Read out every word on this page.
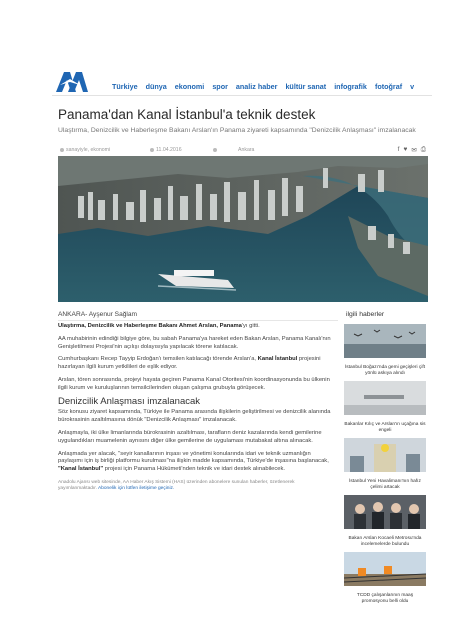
Türkiye dünya ekonomi spor analiz haber kültür sanat infografik fotoğraf v
Panama'dan Kanal İstanbul'a teknik destek
Ulaştırma, Denizcilik ve Haberleşme Bakanı Arslan'ın Panama ziyareti kapsamında "Denizcilik Anlaşması" imzalanacak
sanayiyle, ekonomi	11.04.2016	Ankara	f ♥ ✉ ⎙
ANKARA- Ayşenur Sağlam	ilgili haberler

Ulaştırma, Denizcilik ve Haberleşme Bakanı Ahmet Arslan, Panama'yı gitti.

AA muhabirinin edindiği bilgiye göre, bu sabah Panama'ya hareket eden Bakan Arslan, Panama Kanalı'nın Genişletilmesi Projesi'nin açılışı dolayısıyla yapılacak törene katılacak.

Cumhurbaşkanı Recep Tayyip Erdoğan'ı temsilen katılacağı törende Arslan'a, Kanal İstanbul projesini hazırlayan ilgili kurum yetkilileri de eşlik ediyor.

Arslan, tören sonrasında, projeyi hayata geçiren Panama Kanal Otoritesi'nin koordinasyonunda bu ülkenin ilgili kurum ve kuruluşlarının temsilcilerinden oluşan çalışma grubuyla görüşecek.

Denizcilik Anlaşması imzalanacak

Söz konusu ziyaret kapsamında, Türkiye ile Panama arasında ilişkilerin geliştirilmesi ve denizcilik alanında bürokrasinin azaltılmasına dönük "Denizcilik Anlaşması" imzalanacak.

Anlaşmayla, iki ülke limanlarında bürokrasinin azaltılması, tarafların deniz kazalarında kendi gemilerine uygulandıkları muamelenin aynısını diğer ülke gemilerine de uygulaması mutabakat altına alınacak.

Anlaşmada yer alacak, "seyir kanallarının inşası ve yönetimi konularında idari ve teknik uzmanlığın paylaşımı için iş birliği platformu kurulması"na ilişkin madde kapsamında, Türkiye'de inşasına başlanacak, "Kanal İstanbul" projesi için Panama Hükümeti'nden teknik ve idari destek alınabilecek.

Anadolu Ajansı web sitesinde, AA Haber Akış Sistemi (HAS) üzerinden abonelere sunulan haberler, özetlenerek yayımlanmaktadır. Abonelik için lütfen iletişime geçiniz.

İstanbul Boğazı'nda gemi geçişleri çift yönlü askıya alındı
Bakanlar Kılıç ve Arslan'ın uçağına sis engeli
İstanbul Yeni Havalimanı'nın hafız çelimi artacak
Bakan Arslan Kocaeli Metrosu'nda incelemelerde bulundu
TCDD çalışanlarının maaş promosyonu belli oldu
